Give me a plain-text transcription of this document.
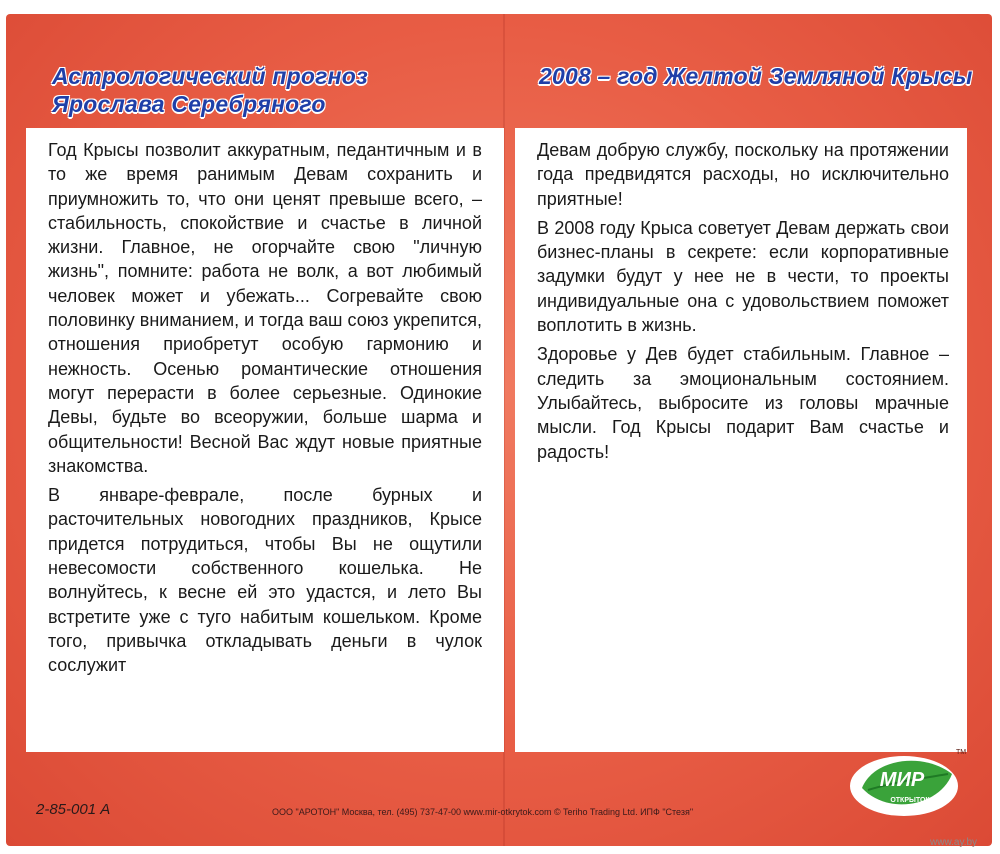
Астрологический прогноз
Ярослава Серебряного
2008 – год Желтой Земляной Крысы

Год Крысы позволит аккуратным, педантичным и в то же время ранимым Девам сохранить и приумножить то, что они ценят превыше всего, – стабильность, спокойствие и счастье в личной жизни. Главное, не огорчайте свою "личную жизнь", помните: работа не волк, а вот любимый человек может и убежать... Согревайте свою половинку вниманием, и тогда ваш союз укрепится, отношения приобретут особую гармонию и нежность. Осенью романтические отношения могут перерасти в более серьезные. Одинокие Девы, будьте во всеоружии, больше шарма и общительности! Весной Вас ждут новые приятные знакомства.

В январе-феврале, после бурных и расточительных новогодних праздников, Крысе придется потрудиться, чтобы Вы не ощутили невесомости собственного кошелька. Не волнуйтесь, к весне ей это удастся, и лето Вы встретите уже с туго набитым кошельком. Кроме того, привычка откладывать деньги в чулок сослужит

Девам добрую службу, поскольку на протяжении года предвидятся расходы, но исключительно приятные!

В 2008 году Крыса советует Девам держать свои бизнес-планы в секрете: если корпоративные задумки будут у нее не в чести, то проекты индивидуальные она с удовольствием поможет воплотить в жизнь.

Здоровье у Дев будет стабильным. Главное – следить за эмоциональным состоянием. Улыбайтесь, выбросите из головы мрачные мысли. Год Крысы подарит Вам счастье и радость!

2-85-001 А	ООО "АРОТОН" Москва, тел. (495) 737-47-00 www.mir-otkrytok.com © Teriho Trading Ltd. ИПФ "Стезя"
МИР
ОТКРЫТОК
TM
www.ay.by
